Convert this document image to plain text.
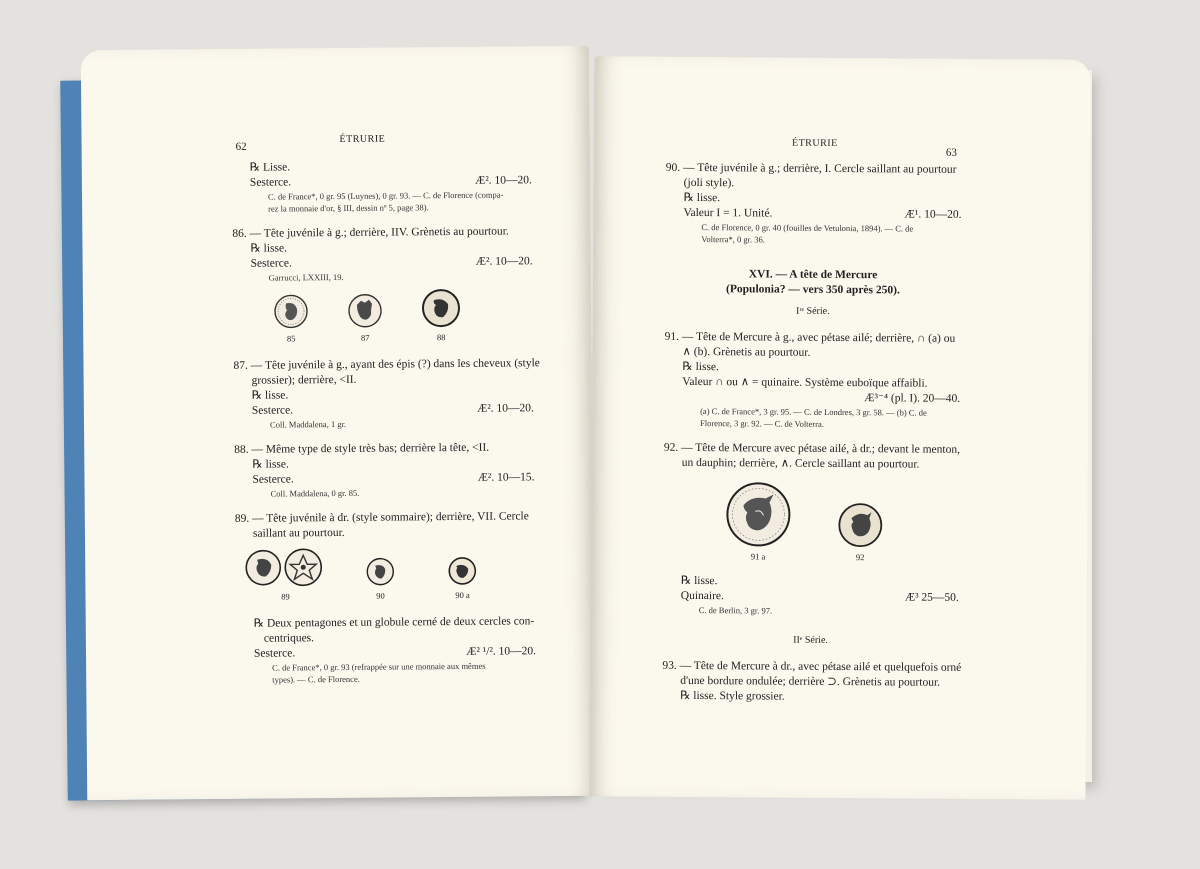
62
ÉTRURIE
℞ Lisse.
Sesterce.	Æ². 10—20.
C. de France*, 0 gr. 95 (Luynes), 0 gr. 93. — C. de Florence (compa-
rez la monnaie d'or, § III, dessin nº 5, page 38).
86. — Tête juvénile à g.; derrière, IIV. Grènetis au pourtour.
℞ lisse.
Sesterce.	Æ². 10—20.
Garrucci, LXXIII, 19.
85	87	88
87. — Tête juvénile à g., ayant des épis (?) dans les cheveux (style
grossier); derrière, <II.
℞ lisse.
Sesterce.	Æ². 10—20.
Coll. Maddalena, 1 gr.
88. — Même type de style très bas; derrière la tête, <II.
℞ lisse.
Sesterce.	Æ². 10—15.
Coll. Maddalena, 0 gr. 85.
89. — Tête juvénile à dr. (style sommaire); derrière, VII. Cercle
saillant au pourtour.
89	90	90 a
℞ Deux pentagones et un globule cerné de deux cercles con-
centriques.
Sesterce.	Æ² ¹/². 10—20.
C. de France*, 0 gr. 93 (refrappée sur une monnaie aux mêmes
types). — C. de Florence.
ÉTRURIE
63
90. — Tête juvénile à g.; derrière, I. Cercle saillant au pourtour
(joli style).
℞ lisse.
Valeur I = 1. Unité.	Æ¹. 10—20.
C. de Florence, 0 gr. 40 (fouilles de Vetulonia, 1894). — C. de
Volterra*, 0 gr. 36.
XVI. — A tête de Mercure
(Populonia? — vers 350 après 250).
Iʳᵉ Série.
91. — Tête de Mercure à g., avec pétase ailé; derrière, ∩ (a) ou
∧ (b). Grènetis au pourtour.
℞ lisse.
Valeur ∩ ou ∧ = quinaire. Système euboïque affaibli.
Æ³⁻⁴ (pl. I). 20—40.
(a) C. de France*, 3 gr. 95. — C. de Londres, 3 gr. 58. — (b) C. de
Florence, 3 gr. 92. — C. de Volterra.
92. — Tête de Mercure avec pétase ailé, à dr.; devant le menton,
un dauphin; derrière, ∧. Cercle saillant au pourtour.
91 a	92
℞ lisse.
Quinaire.	Æ³ 25—50.
C. de Berlin, 3 gr. 97.
IIᵉ Série.
93. — Tête de Mercure à dr., avec pétase ailé et quelquefois orné
d'une bordure ondulée; derrière ⊃. Grènetis au pourtour.
℞ lisse. Style grossier.
